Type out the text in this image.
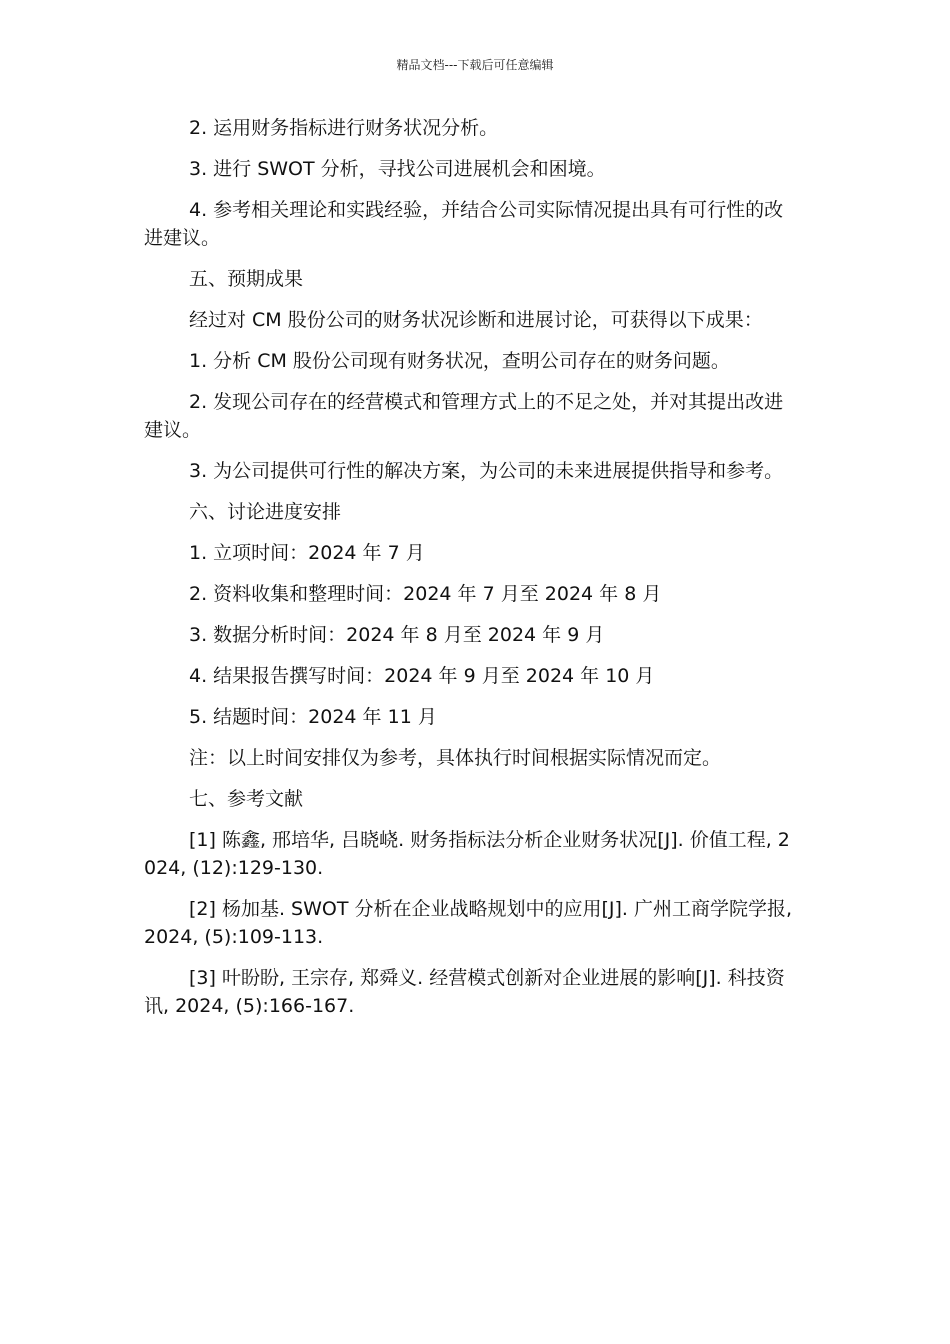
精品文档---下载后可任意编辑

2. 运用财务指标进行财务状况分析。

3. 进行 SWOT 分析，寻找公司进展机会和困境。

4. 参考相关理论和实践经验，并结合公司实际情况提出具有可行性的改进建议。

五、预期成果

经过对 CM 股份公司的财务状况诊断和进展讨论，可获得以下成果：

1. 分析 CM 股份公司现有财务状况，查明公司存在的财务问题。

2. 发现公司存在的经营模式和管理方式上的不足之处，并对其提出改进建议。

3. 为公司提供可行性的解决方案，为公司的未来进展提供指导和参考。

六、讨论进度安排

1. 立项时间：2024 年 7 月

2. 资料收集和整理时间：2024 年 7 月至 2024 年 8 月

3. 数据分析时间：2024 年 8 月至 2024 年 9 月

4. 结果报告撰写时间：2024 年 9 月至 2024 年 10 月

5. 结题时间：2024 年 11 月

注：以上时间安排仅为参考，具体执行时间根据实际情况而定。

七、参考文献

[1] 陈鑫, 邢培华, 吕晓峣. 财务指标法分析企业财务状况[J]. 价值工程, 2024, (12):129-130.

[2] 杨加基. SWOT 分析在企业战略规划中的应用[J]. 广州工商学院学报, 2024, (5):109-113.

[3] 叶盼盼, 王宗存, 郑舜义. 经营模式创新对企业进展的影响[J]. 科技资讯, 2024, (5):166-167.
